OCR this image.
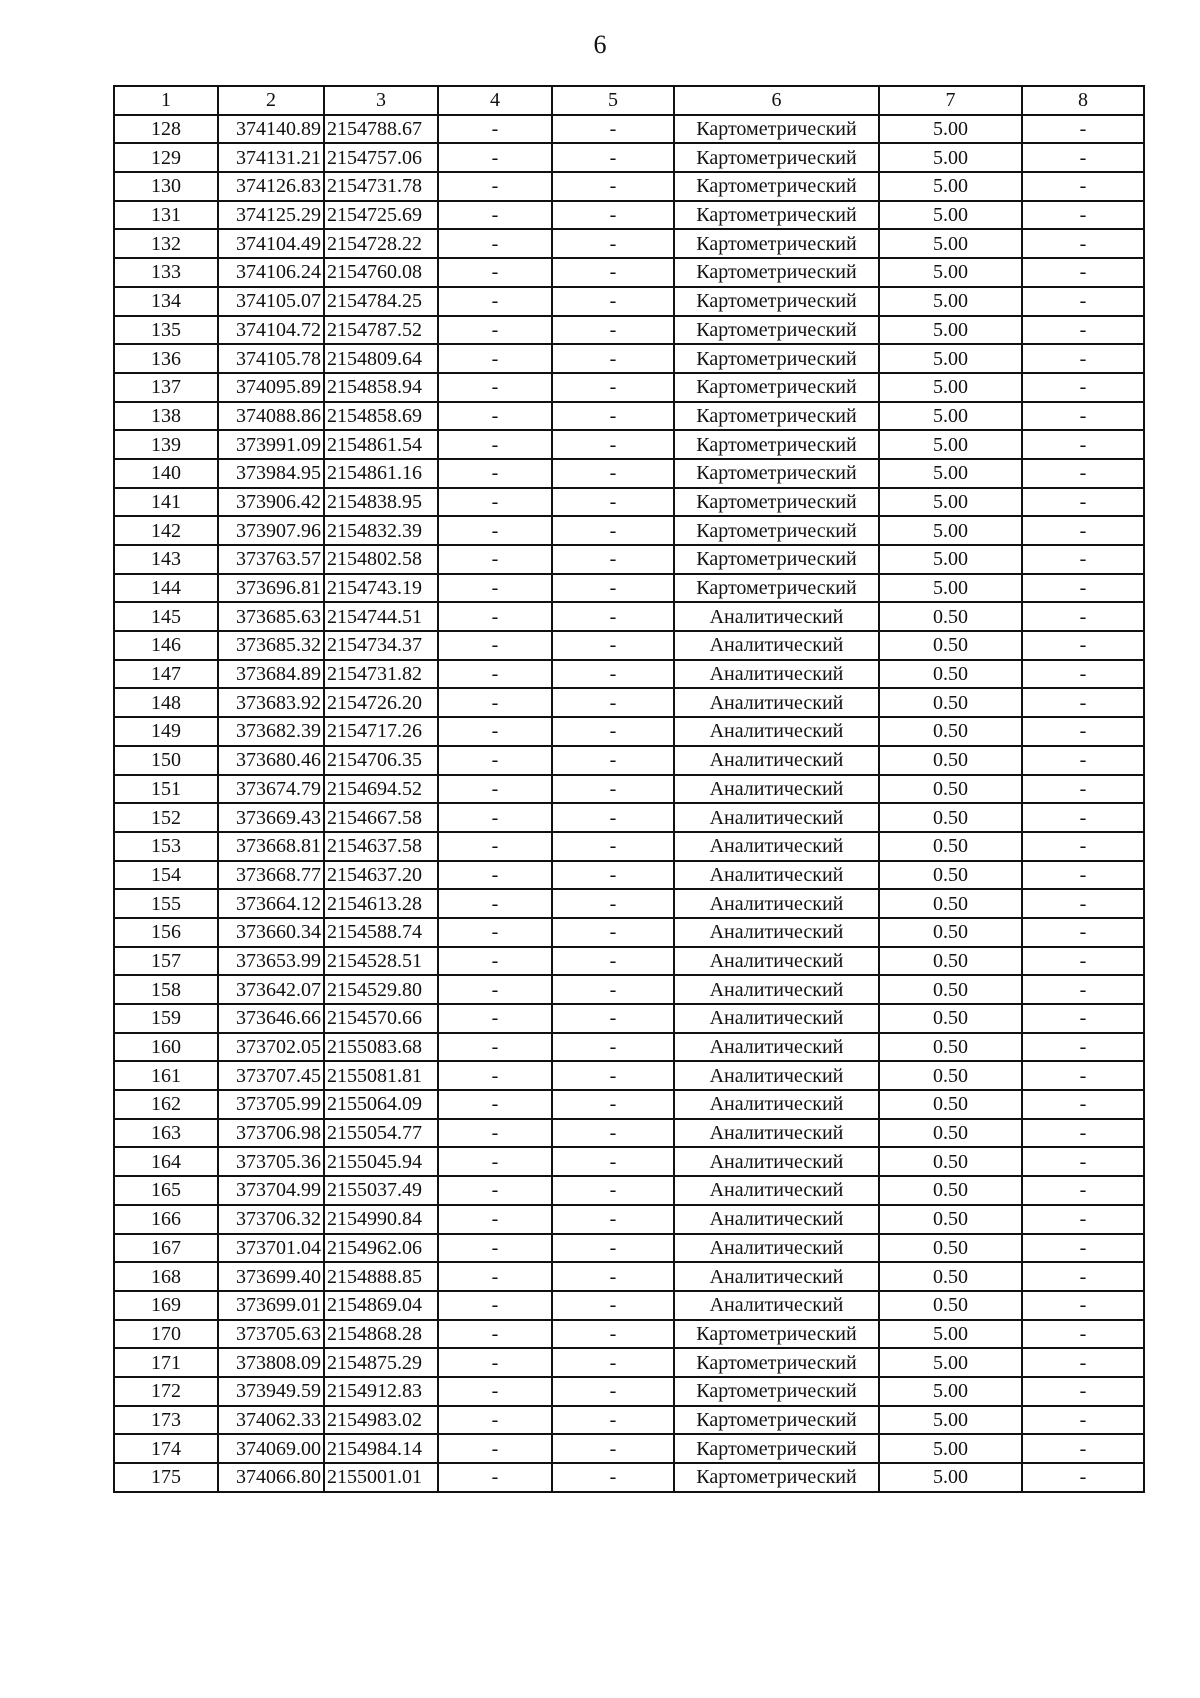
6
1	2	3	4	5	6	7	8
128	374140.89	2154788.67	-	-	Картометрический	5.00	-
129	374131.21	2154757.06	-	-	Картометрический	5.00	-
130	374126.83	2154731.78	-	-	Картометрический	5.00	-
131	374125.29	2154725.69	-	-	Картометрический	5.00	-
132	374104.49	2154728.22	-	-	Картометрический	5.00	-
133	374106.24	2154760.08	-	-	Картометрический	5.00	-
134	374105.07	2154784.25	-	-	Картометрический	5.00	-
135	374104.72	2154787.52	-	-	Картометрический	5.00	-
136	374105.78	2154809.64	-	-	Картометрический	5.00	-
137	374095.89	2154858.94	-	-	Картометрический	5.00	-
138	374088.86	2154858.69	-	-	Картометрический	5.00	-
139	373991.09	2154861.54	-	-	Картометрический	5.00	-
140	373984.95	2154861.16	-	-	Картометрический	5.00	-
141	373906.42	2154838.95	-	-	Картометрический	5.00	-
142	373907.96	2154832.39	-	-	Картометрический	5.00	-
143	373763.57	2154802.58	-	-	Картометрический	5.00	-
144	373696.81	2154743.19	-	-	Картометрический	5.00	-
145	373685.63	2154744.51	-	-	Аналитический	0.50	-
146	373685.32	2154734.37	-	-	Аналитический	0.50	-
147	373684.89	2154731.82	-	-	Аналитический	0.50	-
148	373683.92	2154726.20	-	-	Аналитический	0.50	-
149	373682.39	2154717.26	-	-	Аналитический	0.50	-
150	373680.46	2154706.35	-	-	Аналитический	0.50	-
151	373674.79	2154694.52	-	-	Аналитический	0.50	-
152	373669.43	2154667.58	-	-	Аналитический	0.50	-
153	373668.81	2154637.58	-	-	Аналитический	0.50	-
154	373668.77	2154637.20	-	-	Аналитический	0.50	-
155	373664.12	2154613.28	-	-	Аналитический	0.50	-
156	373660.34	2154588.74	-	-	Аналитический	0.50	-
157	373653.99	2154528.51	-	-	Аналитический	0.50	-
158	373642.07	2154529.80	-	-	Аналитический	0.50	-
159	373646.66	2154570.66	-	-	Аналитический	0.50	-
160	373702.05	2155083.68	-	-	Аналитический	0.50	-
161	373707.45	2155081.81	-	-	Аналитический	0.50	-
162	373705.99	2155064.09	-	-	Аналитический	0.50	-
163	373706.98	2155054.77	-	-	Аналитический	0.50	-
164	373705.36	2155045.94	-	-	Аналитический	0.50	-
165	373704.99	2155037.49	-	-	Аналитический	0.50	-
166	373706.32	2154990.84	-	-	Аналитический	0.50	-
167	373701.04	2154962.06	-	-	Аналитический	0.50	-
168	373699.40	2154888.85	-	-	Аналитический	0.50	-
169	373699.01	2154869.04	-	-	Аналитический	0.50	-
170	373705.63	2154868.28	-	-	Картометрический	5.00	-
171	373808.09	2154875.29	-	-	Картометрический	5.00	-
172	373949.59	2154912.83	-	-	Картометрический	5.00	-
173	374062.33	2154983.02	-	-	Картометрический	5.00	-
174	374069.00	2154984.14	-	-	Картометрический	5.00	-
175	374066.80	2155001.01	-	-	Картометрический	5.00	-
